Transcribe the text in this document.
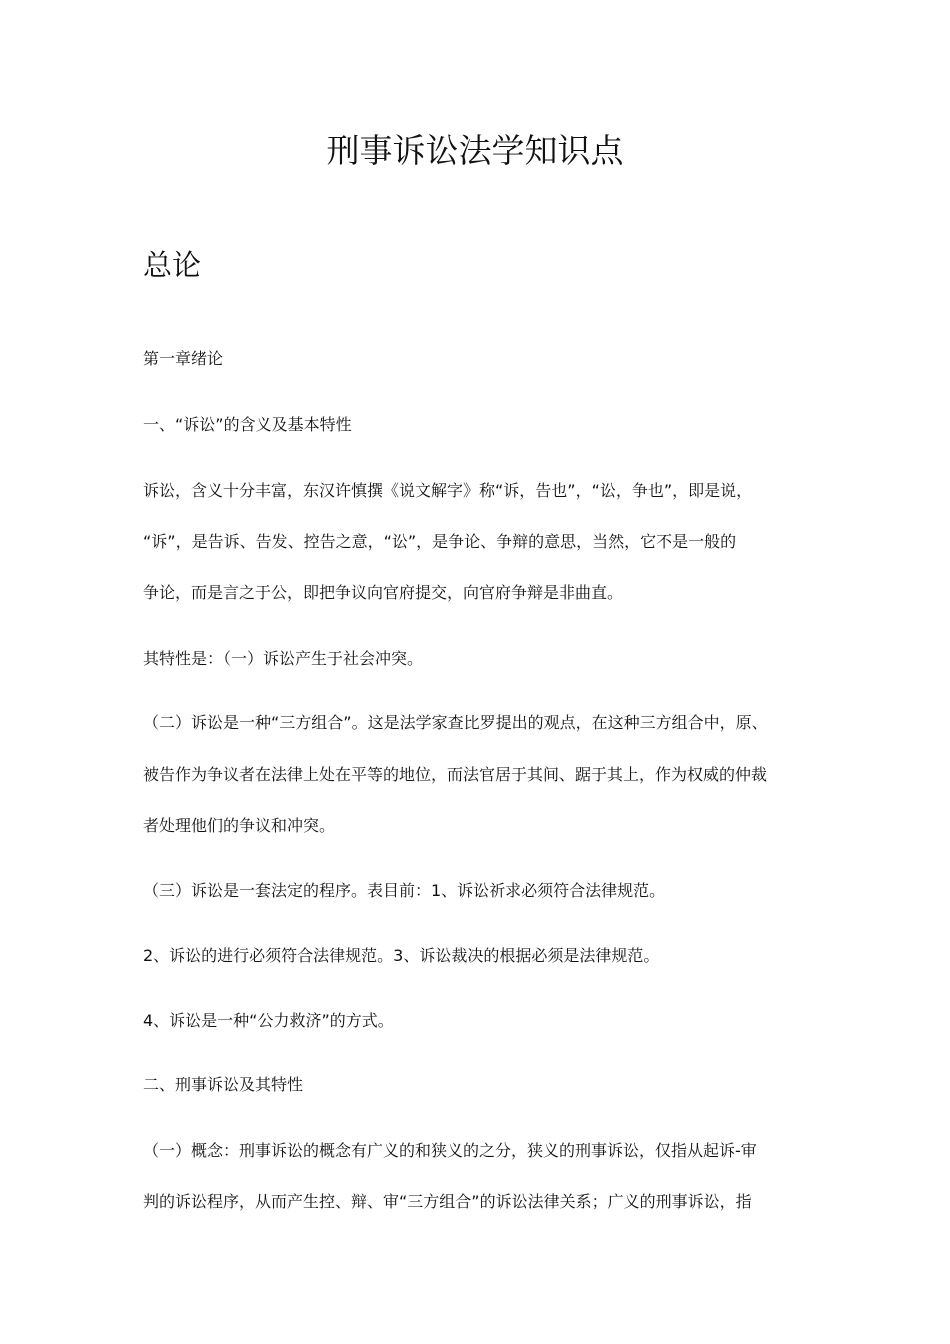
刑事诉讼法学知识点
总论
第一章绪论
一、“诉讼”的含义及基本特性
诉讼，含义十分丰富，东汉许慎撰《说文解字》称“诉，告也”，“讼，争也”，即是说，
“诉”，是告诉、告发、控告之意，“讼”，是争论、争辩的意思，当然，它不是一般的
争论，而是言之于公，即把争议向官府提交，向官府争辩是非曲直。
其特性是：（一）诉讼产生于社会冲突。
（二）诉讼是一种“三方组合”。这是法学家查比罗提出的观点，在这种三方组合中，原、
被告作为争议者在法律上处在平等的地位，而法官居于其间、踞于其上，作为权威的仲裁
者处理他们的争议和冲突。
（三）诉讼是一套法定的程序。表目前：1、诉讼祈求必须符合法律规范。
2、诉讼的进行必须符合法律规范。3、诉讼裁决的根据必须是法律规范。
4、诉讼是一种“公力救济”的方式。
二、刑事诉讼及其特性
（一）概念：刑事诉讼的概念有广义的和狭义的之分，狭义的刑事诉讼，仅指从起诉-审
判的诉讼程序，从而产生控、辩、审“三方组合”的诉讼法律关系；广义的刑事诉讼，指
